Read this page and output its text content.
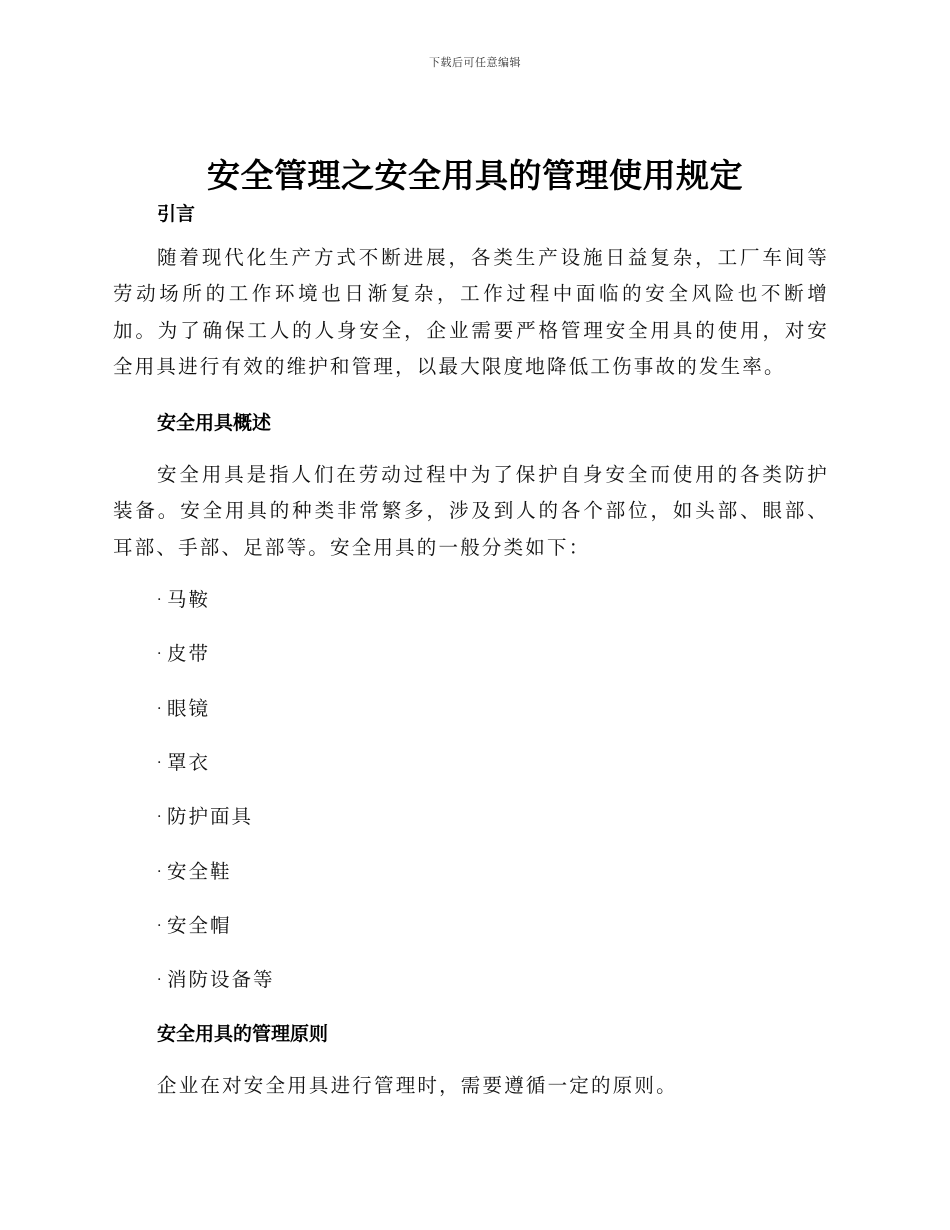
下载后可任意编辑
安全管理之安全用具的管理使用规定
引言

随着现代化生产方式不断进展，各类生产设施日益复杂，工厂车间等劳动场所的工作环境也日渐复杂，工作过程中面临的安全风险也不断增加。为了确保工人的人身安全，企业需要严格管理安全用具的使用，对安全用具进行有效的维护和管理，以最大限度地降低工伤事故的发生率。

安全用具概述

安全用具是指人们在劳动过程中为了保护自身安全而使用的各类防护装备。安全用具的种类非常繁多，涉及到人的各个部位，如头部、眼部、耳部、手部、足部等。安全用具的一般分类如下：

· 马鞍
· 皮带
· 眼镜
· 罩衣
· 防护面具
· 安全鞋
· 安全帽
· 消防设备等
安全用具的管理原则

企业在对安全用具进行管理时，需要遵循一定的原则。
